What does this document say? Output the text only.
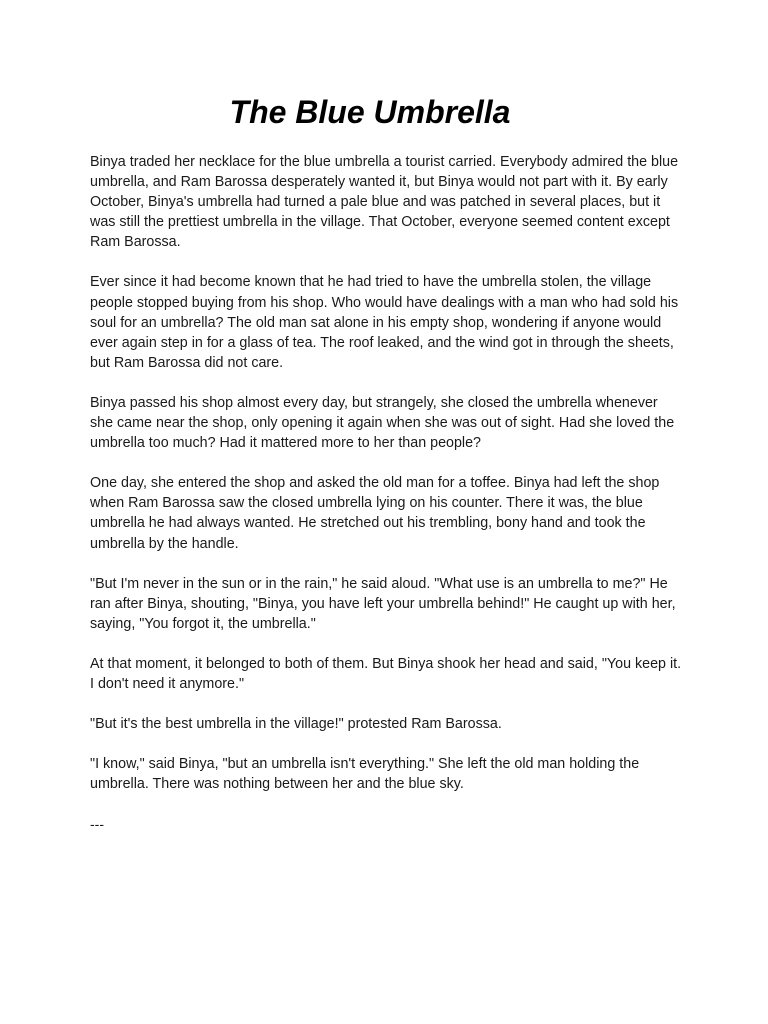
The Blue Umbrella

Binya traded her necklace for the blue umbrella a tourist carried. Everybody admired the blue umbrella, and Ram Barossa desperately wanted it, but Binya would not part with it. By early October, Binya's umbrella had turned a pale blue and was patched in several places, but it was still the prettiest umbrella in the village. That October, everyone seemed content except Ram Barossa.

Ever since it had become known that he had tried to have the umbrella stolen, the village people stopped buying from his shop. Who would have dealings with a man who had sold his soul for an umbrella? The old man sat alone in his empty shop, wondering if anyone would ever again step in for a glass of tea. The roof leaked, and the wind got in through the sheets, but Ram Barossa did not care.

Binya passed his shop almost every day, but strangely, she closed the umbrella whenever she came near the shop, only opening it again when she was out of sight. Had she loved the umbrella too much? Had it mattered more to her than people?

One day, she entered the shop and asked the old man for a toffee. Binya had left the shop when Ram Barossa saw the closed umbrella lying on his counter. There it was, the blue umbrella he had always wanted. He stretched out his trembling, bony hand and took the umbrella by the handle.

"But I'm never in the sun or in the rain," he said aloud. "What use is an umbrella to me?" He ran after Binya, shouting, "Binya, you have left your umbrella behind!" He caught up with her, saying, "You forgot it, the umbrella."

At that moment, it belonged to both of them. But Binya shook her head and said, "You keep it. I don't need it anymore."

"But it's the best umbrella in the village!" protested Ram Barossa.

"I know," said Binya, "but an umbrella isn't everything." She left the old man holding the umbrella. There was nothing between her and the blue sky.

---
